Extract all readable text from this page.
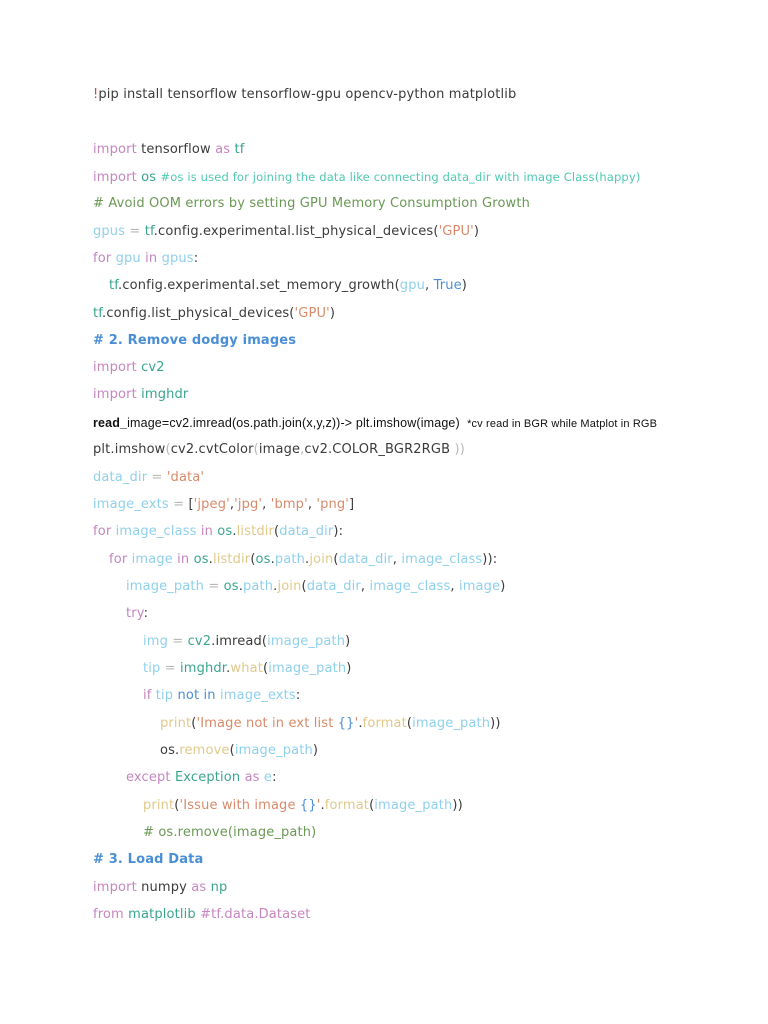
!pip install tensorflow tensorflow-gpu opencv-python matplotlib
import tensorflow as tf
import os #os is used for joining the data like connecting data_dir with image Class(happy)
# Avoid OOM errors by setting GPU Memory Consumption Growth
gpus = tf.config.experimental.list_physical_devices('GPU')
for gpu in gpus:
tf.config.experimental.set_memory_growth(gpu, True)
tf.config.list_physical_devices('GPU')
# 2. Remove dodgy images
import cv2
import imghdr
read_image=cv2.imread(os.path.join(x,y,z))-> plt.imshow(image) *cv read in BGR while Matplot in RGB
plt.imshow(cv2.cvtColor(image,cv2.COLOR_BGR2RGB ))
data_dir = 'data'
image_exts = ['jpeg','jpg', 'bmp', 'png']
for image_class in os.listdir(data_dir):
for image in os.listdir(os.path.join(data_dir, image_class)):
image_path = os.path.join(data_dir, image_class, image)
try:
img = cv2.imread(image_path)
tip = imghdr.what(image_path)
if tip not in image_exts:
print('Image not in ext list {}'.format(image_path))
os.remove(image_path)
except Exception as e:
print('Issue with image {}'.format(image_path))
# os.remove(image_path)
# 3. Load Data
import numpy as np
from matplotlib #tf.data.Dataset
